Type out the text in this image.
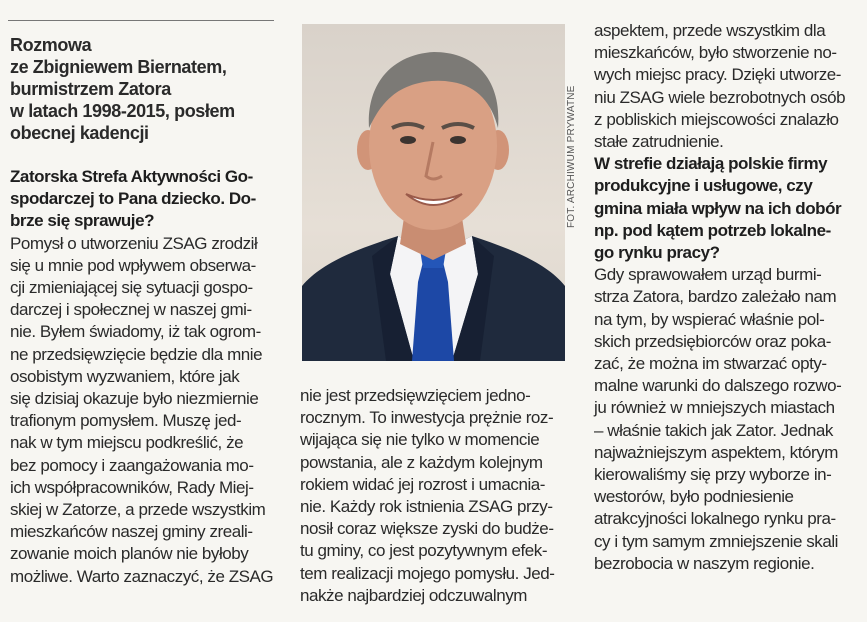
Rozmowa
ze Zbigniewem Biernatem,
burmistrzem Zatora
w latach 1998-2015, posłem
obecnej kadencji

Zatorska Strefa Aktywności Go-
spodarczej to Pana dziecko. Do-
brze się sprawuje?

Pomysł o utworzeniu ZSAG zrodził
się u mnie pod wpływem obserwa-
cji zmieniającej się sytuacji gospo-
darczej i społecznej w naszej gmi-
nie. Byłem świadomy, iż tak ogrom-
ne przedsięwzięcie będzie dla mnie
osobistym wyzwaniem, które jak
się dzisiaj okazuje było niezmiernie
trafionym pomysłem. Muszę jed-
nak w tym miejscu podkreślić, że
bez pomocy i zaangażowania mo-
ich współpracowników, Rady Miej-
skiej w Zatorze, a przede wszystkim
mieszkańców naszej gminy zreali-
zowanie moich planów nie byłoby
możliwe. Warto zaznaczyć, że ZSAG

FOT. ARCHIWUM PRYWATNE

nie jest przedsięwzięciem jedno-
rocznym. To inwestycja prężnie roz-
wijająca się nie tylko w momencie
powstania, ale z każdym kolejnym
rokiem widać jej rozrost i umacnia-
nie. Każdy rok istnienia ZSAG przy-
nosił coraz większe zyski do budże-
tu gminy, co jest pozytywnym efek-
tem realizacji mojego pomysłu. Jed-
nakże najbardziej odczuwalnym

aspektem, przede wszystkim dla
mieszkańców, było stworzenie no-
wych miejsc pracy. Dzięki utworze-
niu ZSAG wiele bezrobotnych osób
z pobliskich miejscowości znalazło
stałe zatrudnienie.

W strefie działają polskie firmy
produkcyjne i usługowe, czy
gmina miała wpływ na ich dobór
np. pod kątem potrzeb lokalne-
go rynku pracy?

Gdy sprawowałem urząd burmi-
strza Zatora, bardzo zależało nam
na tym, by wspierać właśnie pol-
skich przedsiębiorców oraz poka-
zać, że można im stwarzać opty-
malne warunki do dalszego rozwo-
ju również w mniejszych miastach
– właśnie takich jak Zator. Jednak
najważniejszym aspektem, którym
kierowaliśmy się przy wyborze in-
westorów, było podniesienie
atrakcyjności lokalnego rynku pra-
cy i tym samym zmniejszenie skali
bezrobocia w naszym regionie.
